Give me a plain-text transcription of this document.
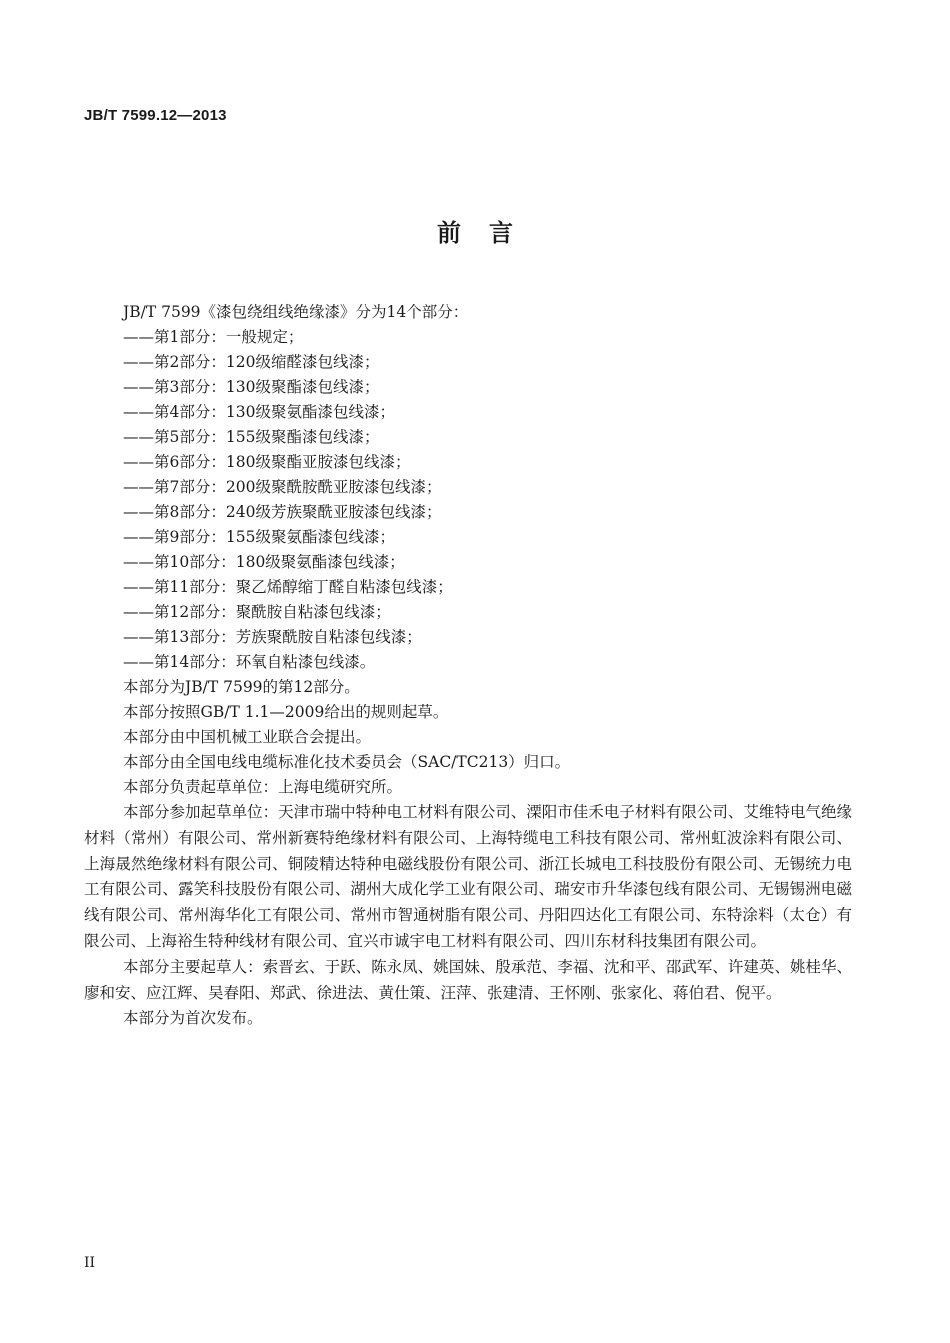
JB/T 7599.12—2013
前言
JB/T 7599《漆包绕组线绝缘漆》分为14个部分：
——第1部分：一般规定；
——第2部分：120级缩醛漆包线漆；
——第3部分：130级聚酯漆包线漆；
——第4部分：130级聚氨酯漆包线漆；
——第5部分：155级聚酯漆包线漆；
——第6部分：180级聚酯亚胺漆包线漆；
——第7部分：200级聚酰胺酰亚胺漆包线漆；
——第8部分：240级芳族聚酰亚胺漆包线漆；
——第9部分：155级聚氨酯漆包线漆；
——第10部分：180级聚氨酯漆包线漆；
——第11部分：聚乙烯醇缩丁醛自粘漆包线漆；
——第12部分：聚酰胺自粘漆包线漆；
——第13部分：芳族聚酰胺自粘漆包线漆；
——第14部分：环氧自粘漆包线漆。
本部分为JB/T 7599的第12部分。
本部分按照GB/T 1.1—2009给出的规则起草。
本部分由中国机械工业联合会提出。
本部分由全国电线电缆标准化技术委员会（SAC/TC213）归口。
本部分负责起草单位：上海电缆研究所。

本部分参加起草单位：天津市瑞中特种电工材料有限公司、溧阳市佳禾电子材料有限公司、艾维特电气绝缘材料（常州）有限公司、常州新赛特绝缘材料有限公司、上海特缆电工科技有限公司、常州虹波涂料有限公司、上海晟然绝缘材料有限公司、铜陵精达特种电磁线股份有限公司、浙江长城电工科技股份有限公司、无锡统力电工有限公司、露笑科技股份有限公司、湖州大成化学工业有限公司、瑞安市升华漆包线有限公司、无锡锡洲电磁线有限公司、常州海华化工有限公司、常州市智通树脂有限公司、丹阳四达化工有限公司、东特涂料（太仓）有限公司、上海裕生特种线材有限公司、宜兴市诚宇电工材料有限公司、四川东材科技集团有限公司。

本部分主要起草人：索晋玄、于跃、陈永凤、姚国妹、殷承范、李福、沈和平、邵武军、许建英、姚桂华、廖和安、应江辉、吴春阳、郑武、徐进法、黄仕策、汪萍、张建清、王怀刚、张家化、蒋伯君、倪平。

本部分为首次发布。

II
